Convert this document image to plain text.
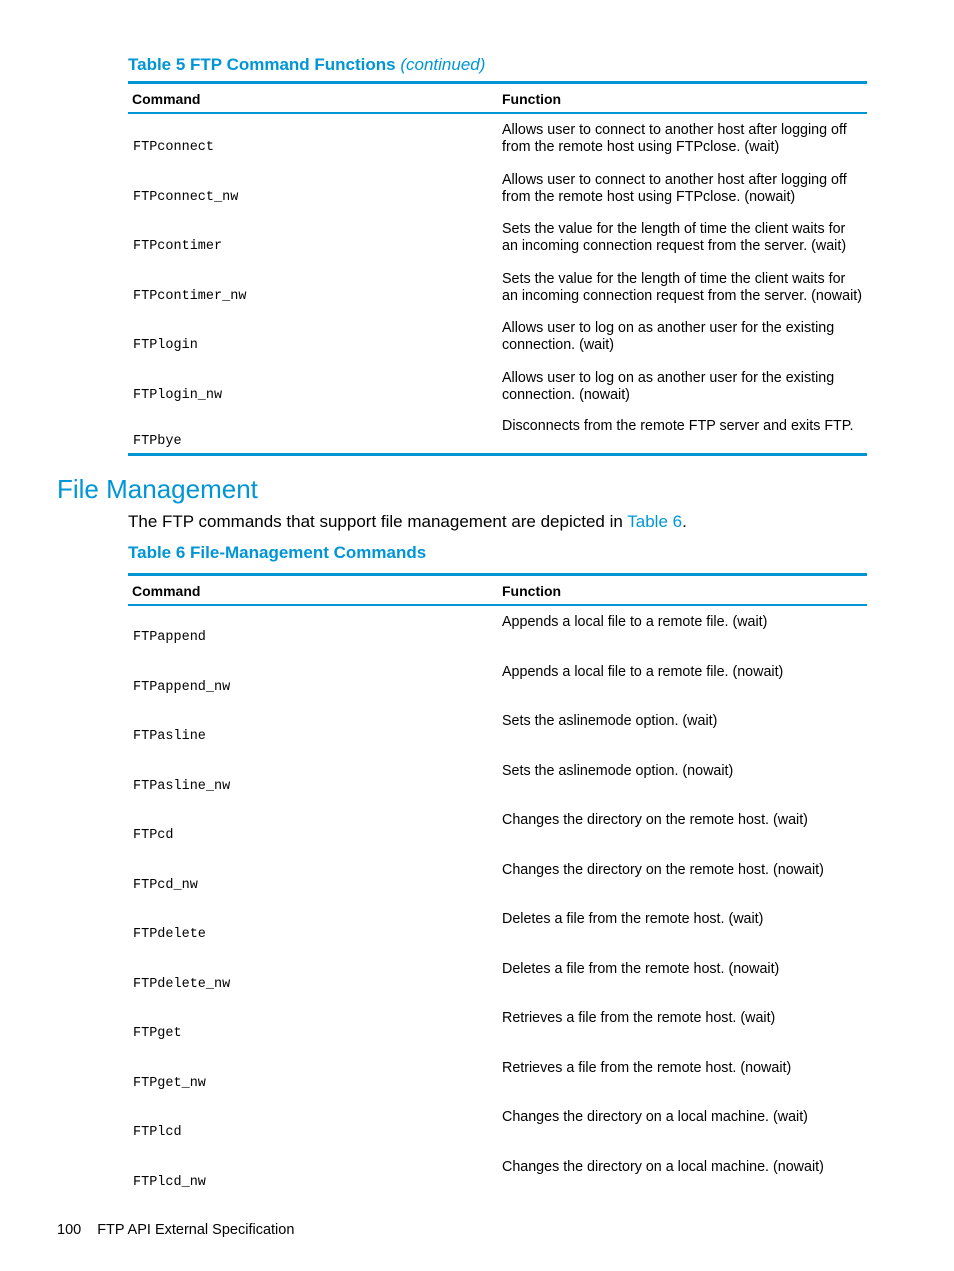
Table 5 FTP Command Functions (continued)
Command	Function
FTPconnect
Allows user to connect to another host after logging off from the remote host using FTPclose. (wait)
FTPconnect_nw
Allows user to connect to another host after logging off from the remote host using FTPclose. (nowait)
FTPcontimer
Sets the value for the length of time the client waits for an incoming connection request from the server. (wait)
FTPcontimer_nw
Sets the value for the length of time the client waits for an incoming connection request from the server. (nowait)
FTPlogin
Allows user to log on as another user for the existing connection. (wait)
FTPlogin_nw
Allows user to log on as another user for the existing connection. (nowait)
FTPbye
Disconnects from the remote FTP server and exits FTP.
File Management
The FTP commands that support file management are depicted in Table 6.
Table 6 File-Management Commands
Command	Function
FTPappend
Appends a local file to a remote file. (wait)
FTPappend_nw
Appends a local file to a remote file. (nowait)
FTPasline
Sets the aslinemode option. (wait)
FTPasline_nw
Sets the aslinemode option. (nowait)
FTPcd
Changes the directory on the remote host. (wait)
FTPcd_nw
Changes the directory on the remote host. (nowait)
FTPdelete
Deletes a file from the remote host. (wait)
FTPdelete_nw
Deletes a file from the remote host. (nowait)
FTPget
Retrieves a file from the remote host. (wait)
FTPget_nw
Retrieves a file from the remote host. (nowait)
FTPlcd
Changes the directory on a local machine. (wait)
FTPlcd_nw
Changes the directory on a local machine. (nowait)
100 FTP API External Specification
